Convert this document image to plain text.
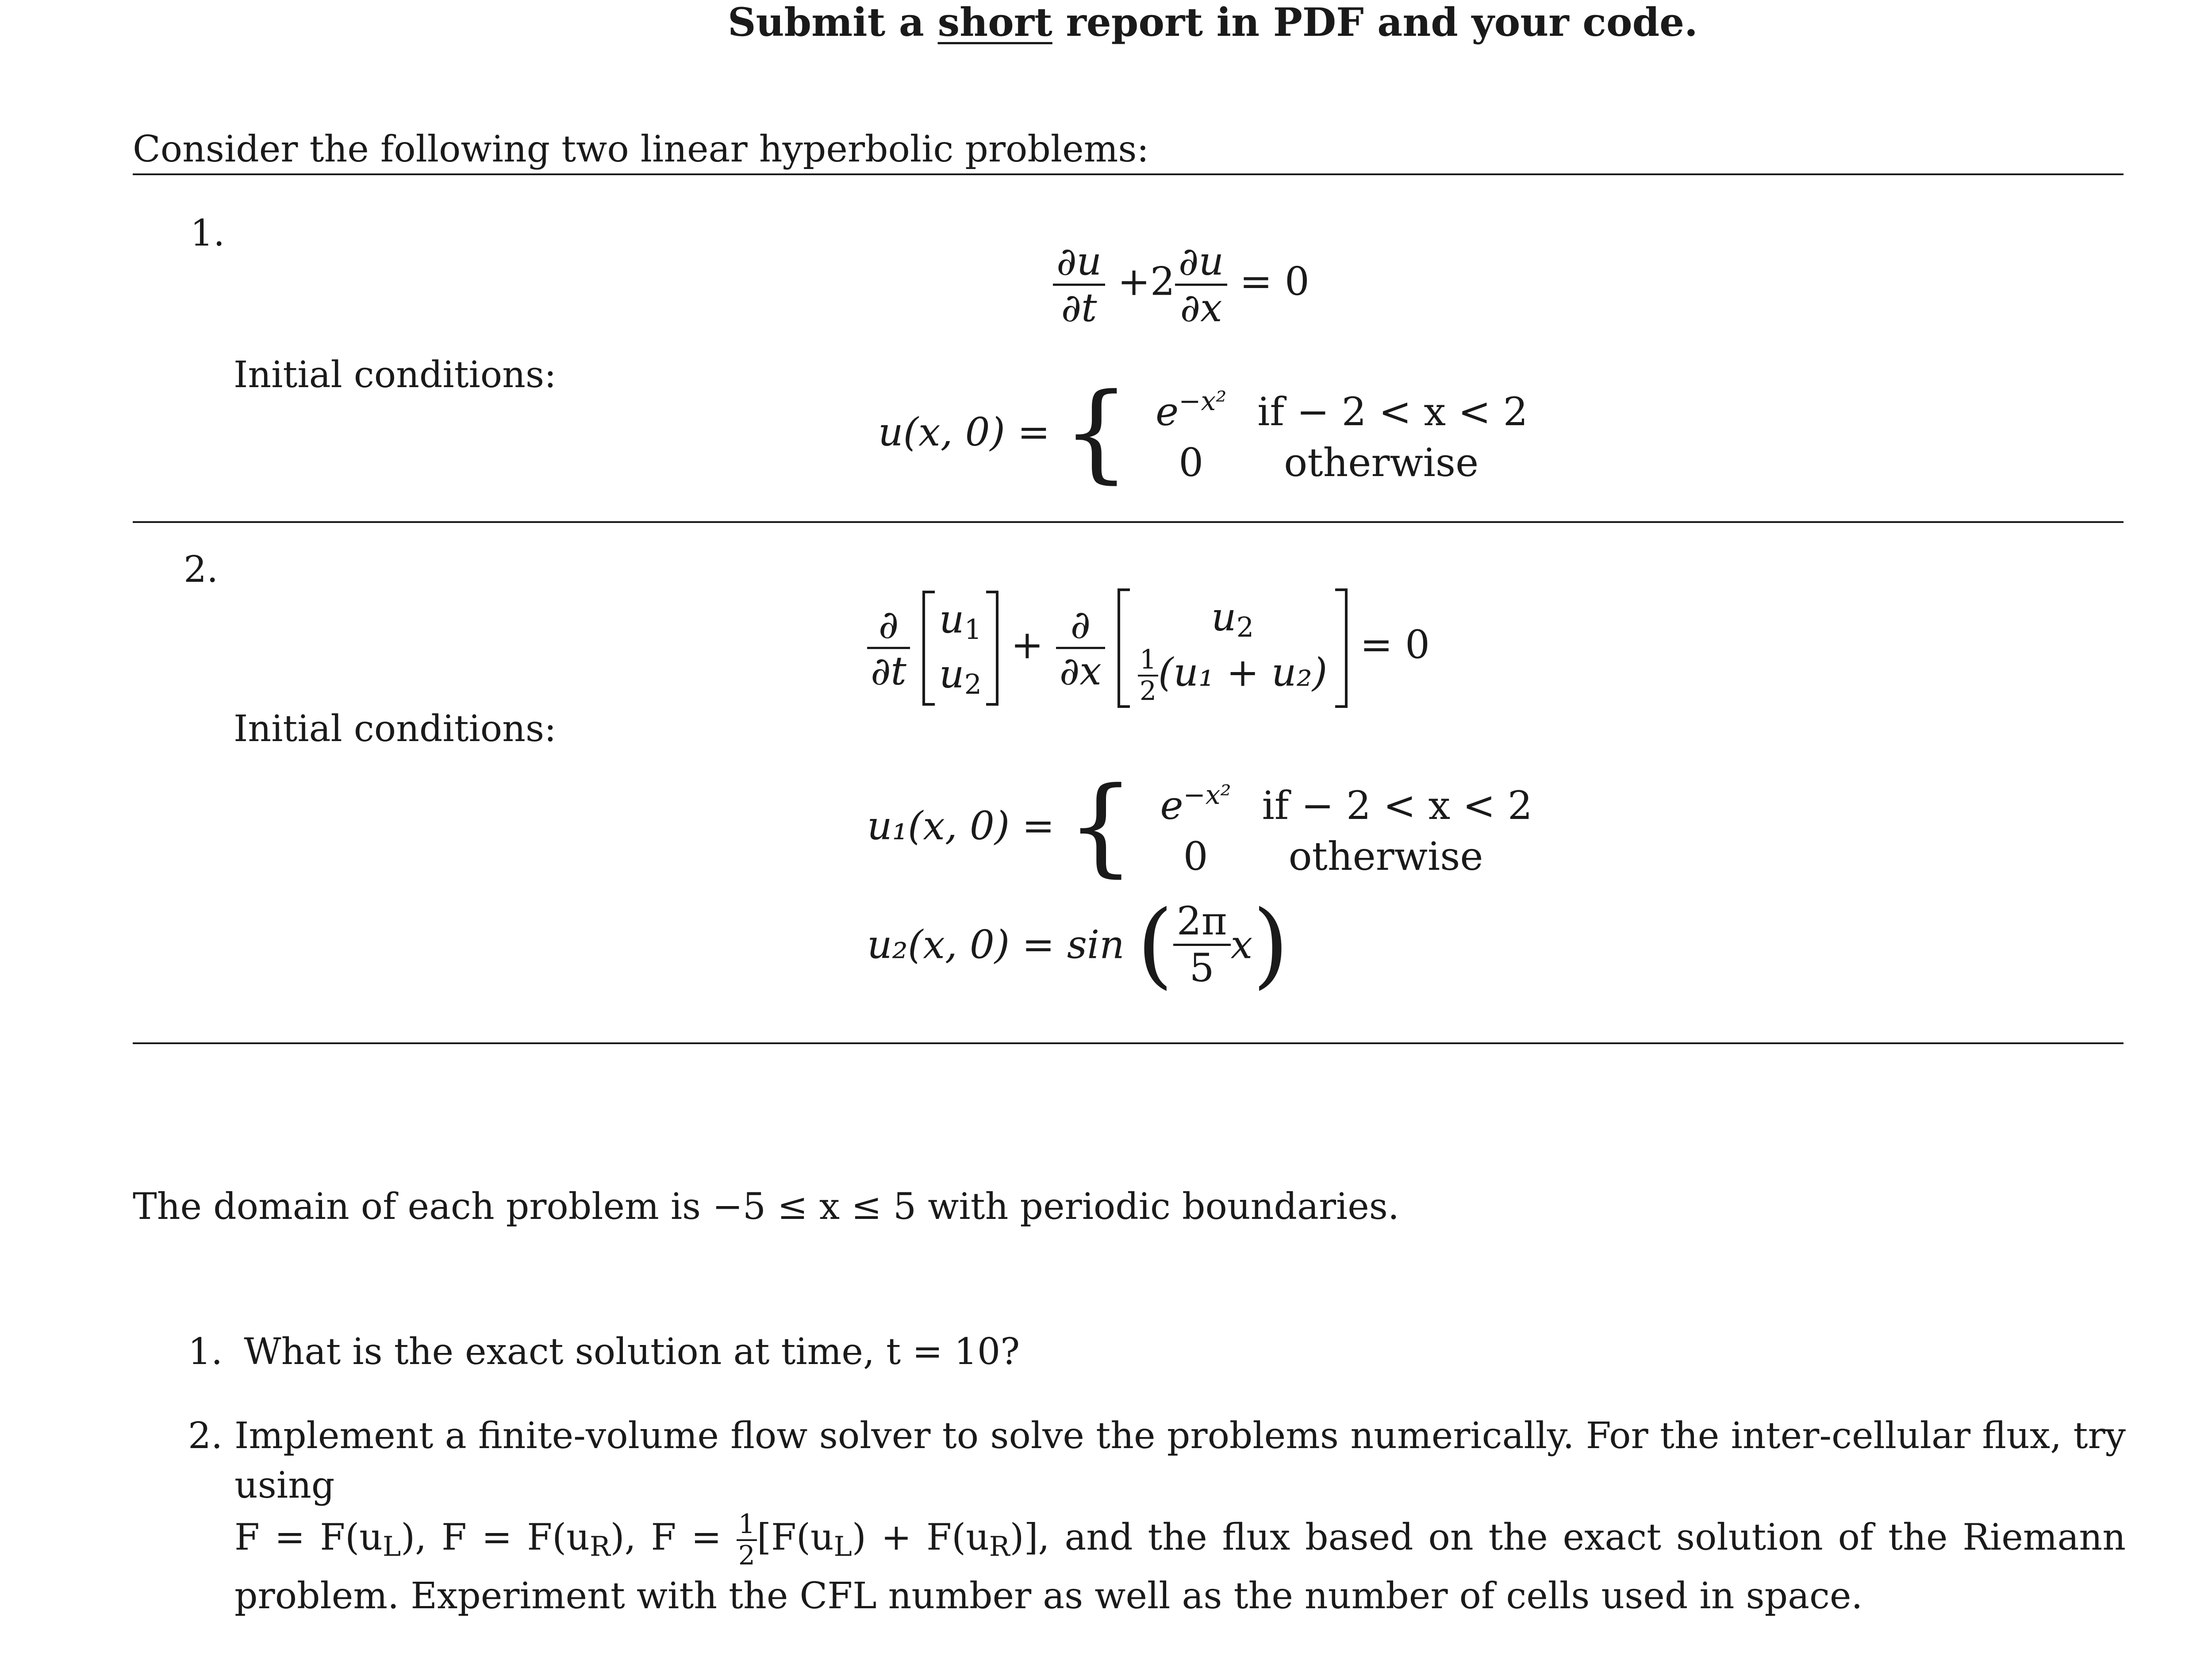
Submit a short report in PDF and your code.
Consider the following two linear hyperbolic problems:
1.
$\frac{\partial u}{\partial t} +2 \frac{\partial u}{\partial x} = 0$
Initial conditions:
u(x, 0) = { $e^{-x^2}$ if − 2 < x < 2
0 otherwise
2.
$\frac{\partial}{\partial t}$
$u_1$
$u_2$
+ $\frac{\partial}{\partial x}$
	$u_2$
$\frac{1}{2} (u_1 + u_2)$
= 0
Initial conditions:
u₁(x, 0) = { $e^{-x^2}$ if − 2 < x < 2
0 otherwise
u₂(x, 0) = sin ( $\frac{2\pi}{5} x$)
The domain of each problem is −5 ≤ x ≤ 5 with periodic boundaries.
1. What is the exact solution at time, t = 10?
2. Implement a finite-volume flow solver to solve the problems numerically. For the inter-cellular flux, try using
$F = F(u_L)$, $F = F(u_R)$, $F = \frac{1}{2} [F(u_L) + F(u_R)]$, and the flux based on the exact solution of the Riemann
problem. Experiment with the CFL number as well as the number of cells used in space.
